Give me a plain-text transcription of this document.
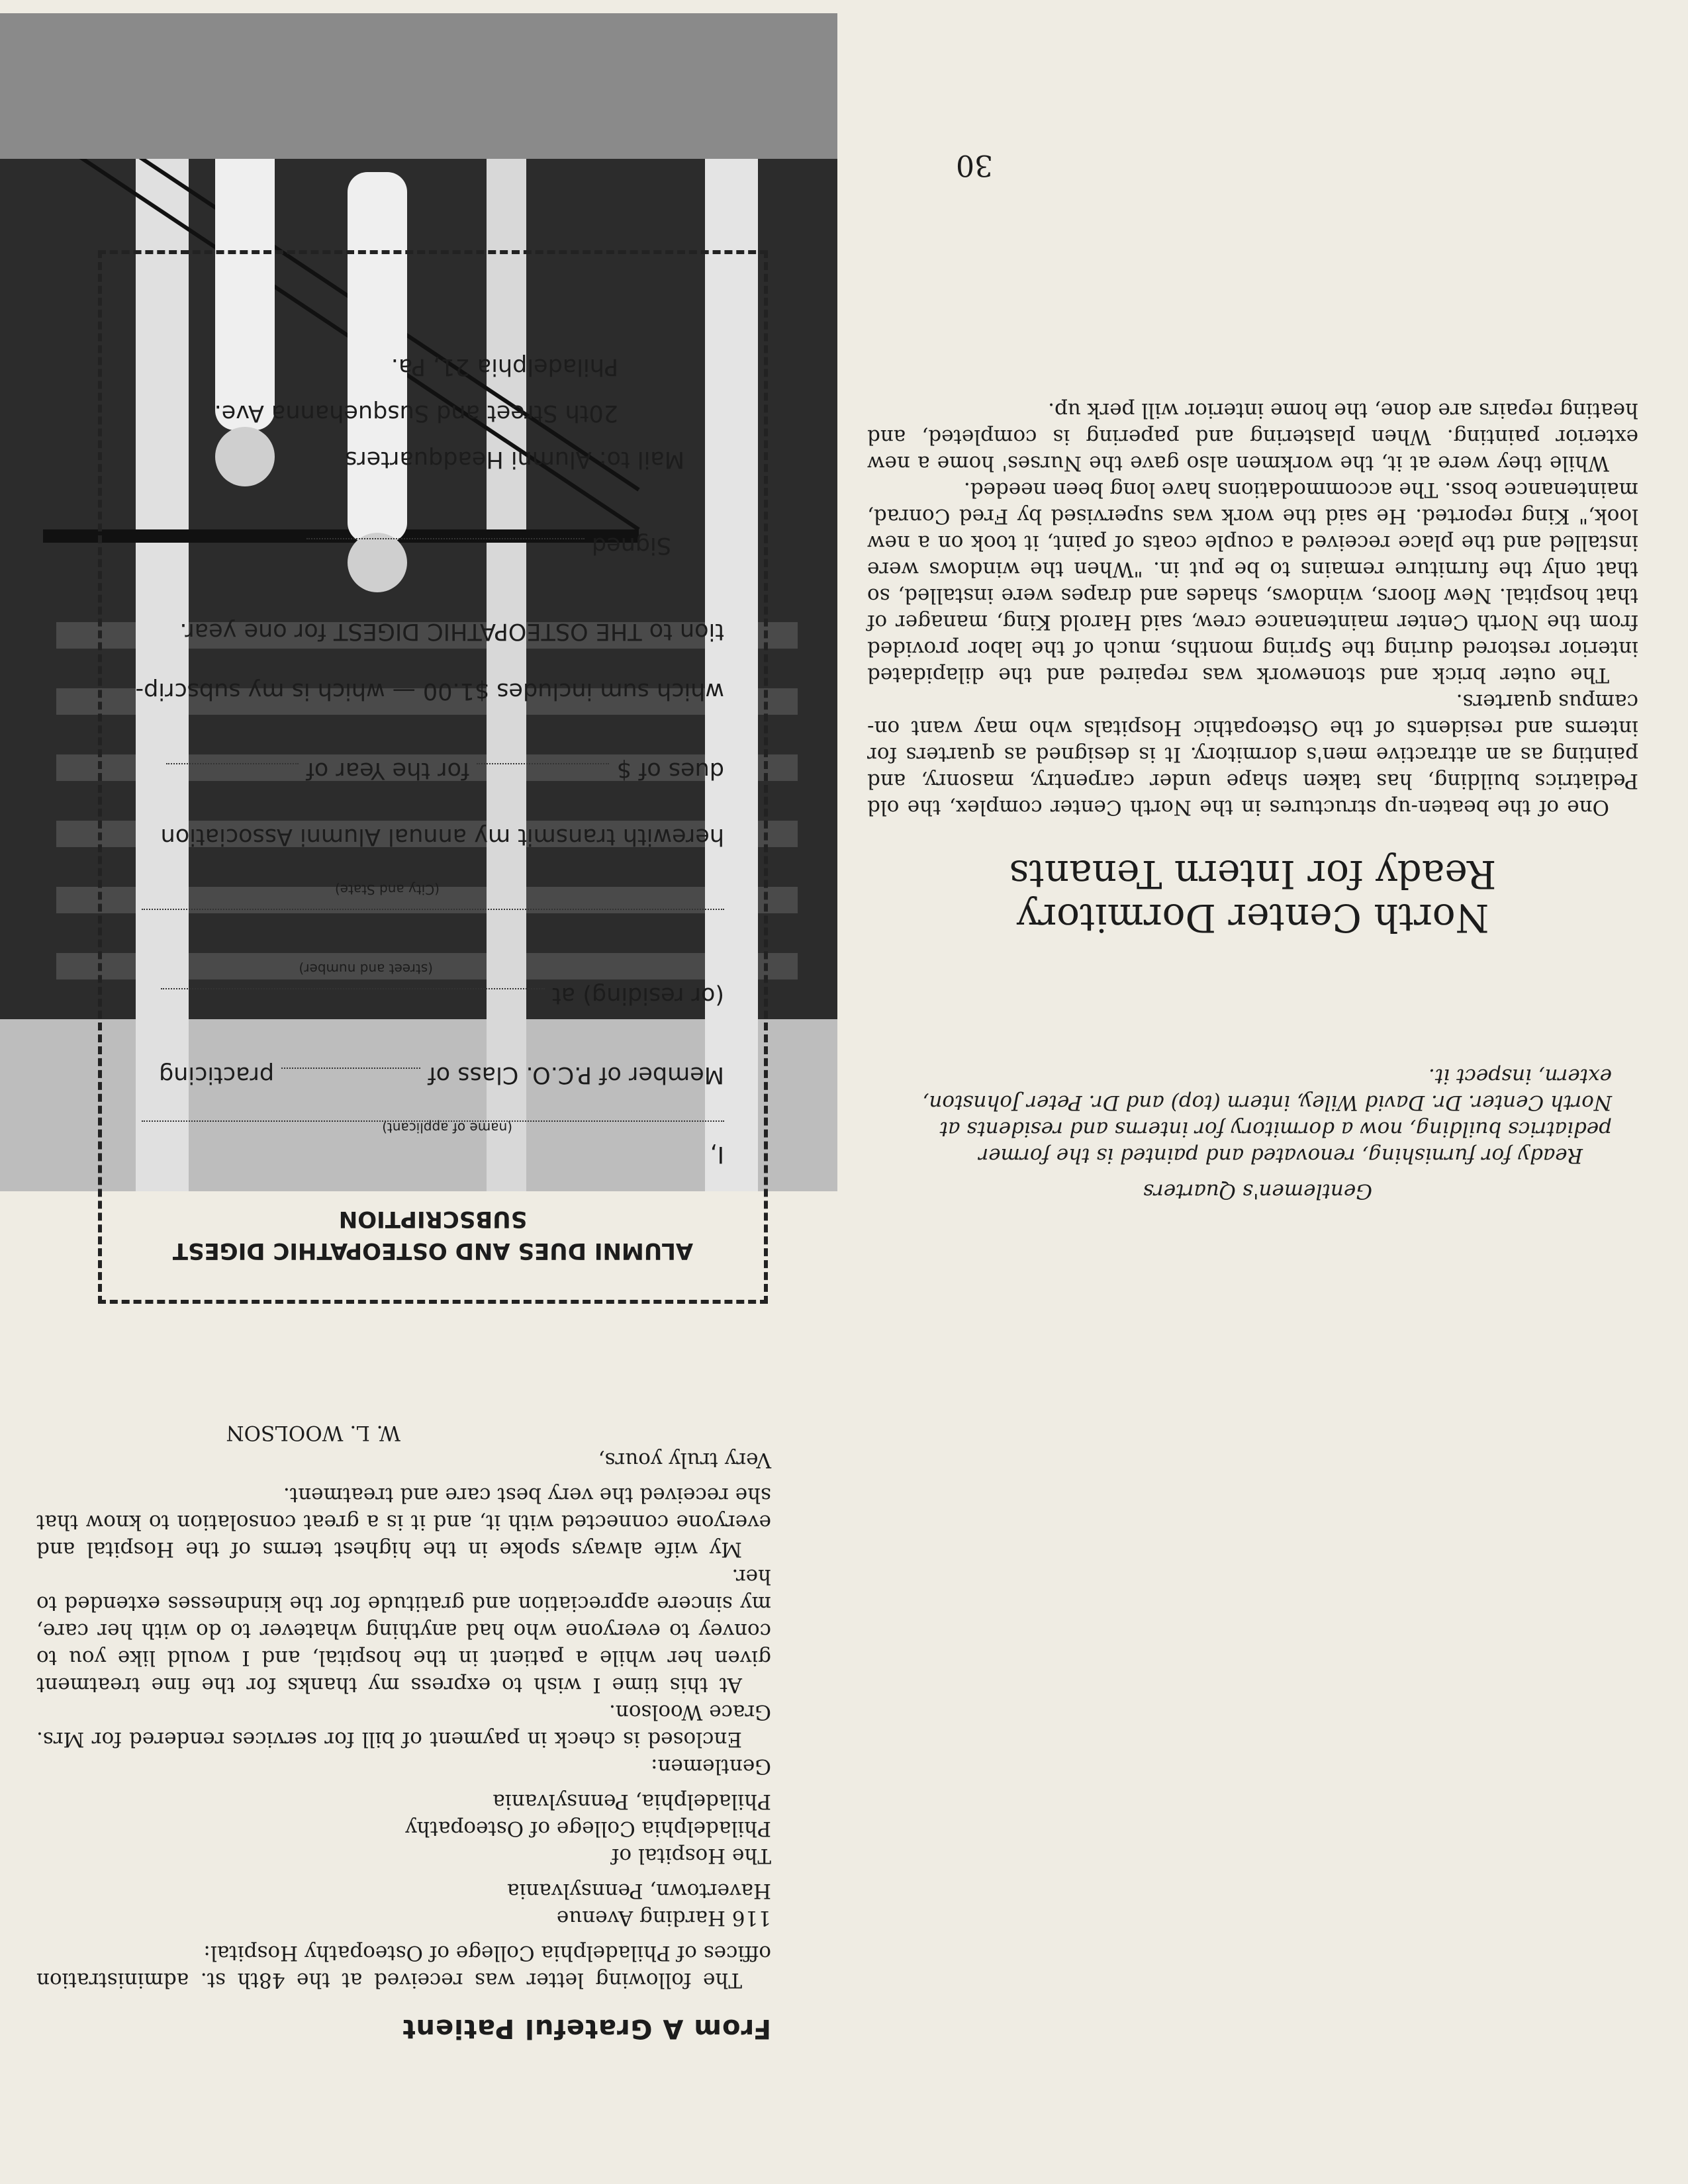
From A Grateful Patient

The following letter was received at the 48th st. administration offices of Philadelphia College of Osteopathy Hospital:

116 Harding Avenue

Havertown, Pennsylvania

The Hospital of

Philadelphia College of Osteopathy

Philadelphia, Pennsylvania

Gentlemen:

Enclosed is check in payment of bill for services rendered for Mrs. Grace Woolson.

At this time I wish to express my thanks for the fine treatment given her while a patient in the hospital, and I would like you to convey to everyone who had anything whatever to do with her care, my sincere appreciation and gratitude for the kindnesses extended to her.

My wife always spoke in the highest terms of the Hospital and everyone connected with it, and it is a great consolation to know that she received the very best care and treatment.

Very truly yours,

W. L. WOOLSON

ALUMNI DUES AND OSTEOPATHIC DIGEST
SUBSCRIPTION
I,
(name of applicant)
Member of P.C.O. Class of  practicing
(or residing) at
(street and number)
(City and State)
herewith transmit my annual Alumni Association
dues of $  for the Year of
which sum includes $1.00 — which is my subscrip-
tion to THE OSTEOPATHIC DIGEST for one year.
Signed
Mail to: Alumni Headquarters
20th Street and Susquehanna Ave.
Philadelphia 21, Pa.
Gentlemen's Quarters
Ready for furnishing, renovated and painted is the former pediatrics building, now a dormitory for interns and residents at North Center. Dr. David Wiley, intern (top) and Dr. Peter Johnston, extern, inspect it.
North Center Dormitory
Ready for Intern Tenants

One of the beaten-up structures in the North Center complex, the old Pediatrics building, has taken shape under carpentry, masonry, and painting as an attractive men's dormitory. It is designed as quarters for interns and residents of the Osteopathic Hospitals who may want on-campus quarters.

The outer brick and stonework was repaired and the dilapidated interior restored during the Spring months, much of the labor provided from the North Center maintenance crew, said Harold King, manager of that hospital. New floors, windows, shades and drapes were installed, so that only the furniture remains to be put in. "When the windows were installed and the place received a couple coats of paint, it took on a new look," King reported. He said the work was supervised by Fred Conrad, maintenance boss. The accommodations have long been needed.

While they were at it, the workmen also gave the Nurses' home a new exterior painting. When plastering and papering is completed, and heating repairs are done, the home interior will perk up.

30
